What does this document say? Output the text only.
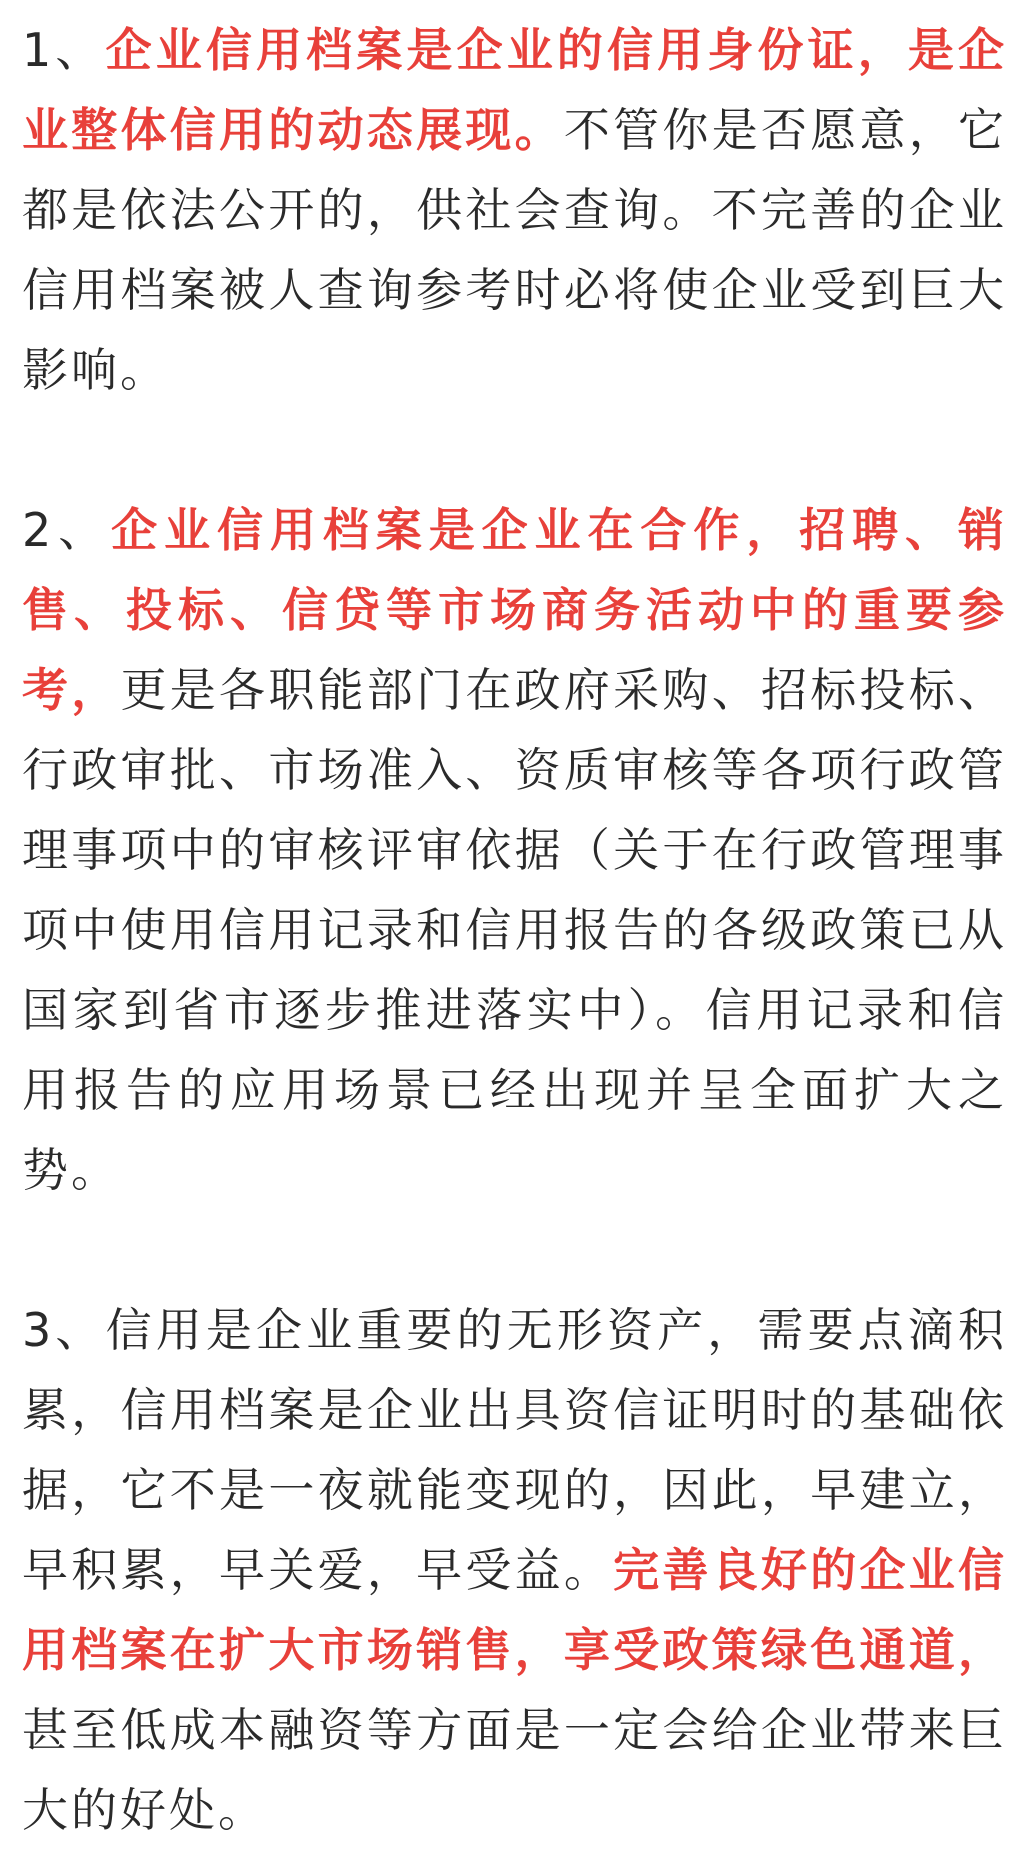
1、企业信用档案是企业的信用身份证，是企业整体信用的动态展现。不管你是否愿意，它都是依法公开的，供社会查询。不完善的企业信用档案被人查询参考时必将使企业受到巨大影响。

2、企业信用档案是企业在合作，招聘、销售、投标、信贷等市场商务活动中的重要参考，更是各职能部门在政府采购、招标投标、行政审批、市场准入、资质审核等各项行政管理事项中的审核评审依据（关于在行政管理事项中使用信用记录和信用报告的各级政策已从国家到省市逐步推进落实中）。信用记录和信用报告的应用场景已经出现并呈全面扩大之势。

3、信用是企业重要的无形资产，需要点滴积累，信用档案是企业出具资信证明时的基础依据，它不是一夜就能变现的，因此，早建立，早积累，早关爱，早受益。完善良好的企业信用档案在扩大市场销售，享受政策绿色通道，甚至低成本融资等方面是一定会给企业带来巨大的好处。
